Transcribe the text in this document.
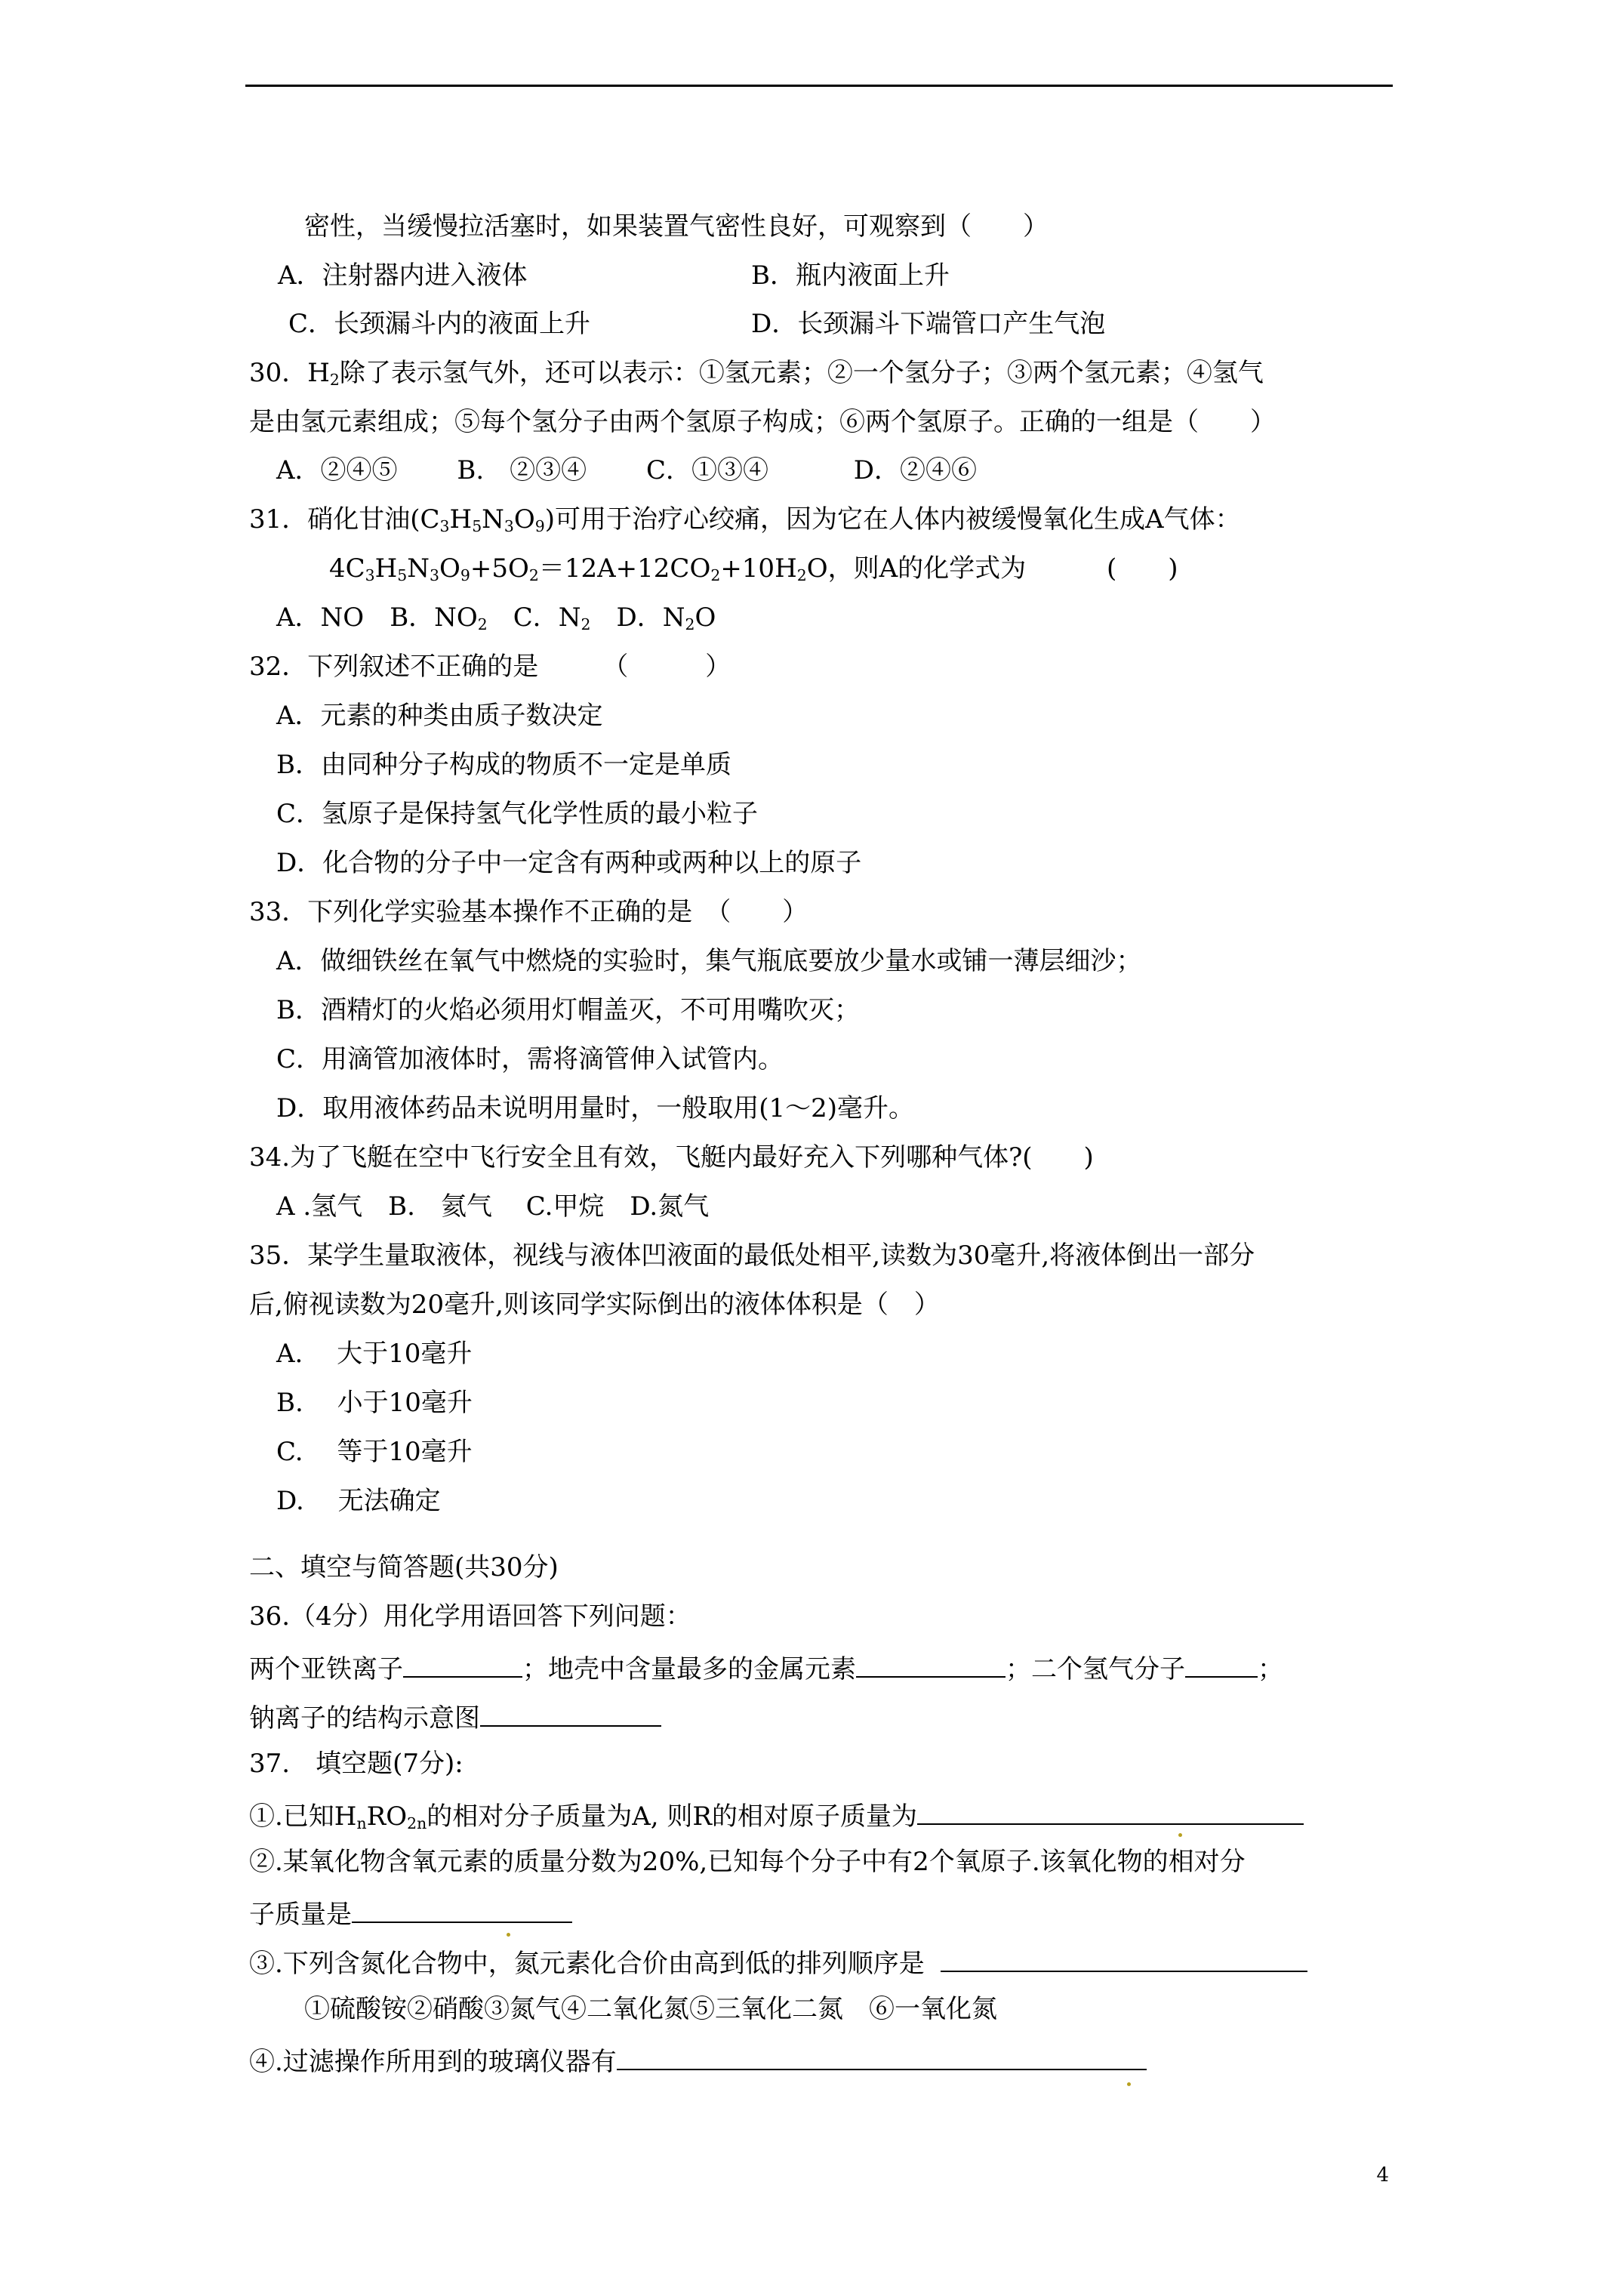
密性，当缓慢拉活塞时，如果装置气密性良好，可观察到（　　）
A．注射器内进入液体	B．瓶内液面上升
C．长颈漏斗内的液面上升	D．长颈漏斗下端管口产生气泡
30．$H_2$除了表示氢气外，还可以表示：①氢元素；②一个氢分子；③两个氢元素；④氢气
是由氢元素组成；⑤每个氢分子由两个氢原子构成；⑥两个氢原子。正确的一组是（　　）
A．②④⑤　　 B.　②③④　　 C．①③④　　　 D．②④⑥
31．硝化甘油$(C_3H_5N_3O_9)$可用于治疗心绞痛，因为它在人体内被缓慢氧化生成A气体：
$4C_3H_5N_3O_9+5O_2=12A+12CO_2+10H_2O$，则A的化学式为	(　　)
A．NO　 B．$NO_2$　 C．$N_2$　 D．$N_2O$
32．下列叙述不正确的是　　　（　　　）
A．元素的种类由质子数决定
B．由同种分子构成的物质不一定是单质
C．氢原子是保持氢气化学性质的最小粒子
D．化合物的分子中一定含有两种或两种以上的原子
33．下列化学实验基本操作不正确的是　（　　）
A．做细铁丝在氧气中燃烧的实验时，集气瓶底要放少量水或铺一薄层细沙；
B．酒精灯的火焰必须用灯帽盖灭，不可用嘴吹灭；
C．用滴管加液体时，需将滴管伸入试管内。
D．取用液体药品未说明用量时，一般取用(1～2)毫升。
34.为了飞艇在空中飞行安全且有效，飞艇内最好充入下列哪种气体?(　　)
A .氢气　B.　氦气　 C.甲烷　D.氮气
35．某学生量取液体，视线与液体凹液面的最低处相平,读数为30毫升,将液体倒出一部分
后,俯视读数为20毫升,则该同学实际倒出的液体体积是（　）
A.　 大于10毫升
B.　 小于10毫升
C.　 等于10毫升
D.　 无法确定
二、填空与简答题(共30分)
36.（4分）用化学用语回答下列问题：
两个亚铁离子	；地壳中含量最多的金属元素	；二个氢气分子	；
钠离子的结构示意图
37.　填空题(7分):
①.已知$H_nRO_{2n}$的相对分子质量为A, 则R的相对原子质量为
②.某氧化物含氧元素的质量分数为20%,已知每个分子中有2个氧原子.该氧化物的相对分
子质量是
③.下列含氮化合物中，氮元素化合价由高到低的排列顺序是
①硫酸铵②硝酸③氮气④二氧化氮⑤三氧化二氮　⑥一氧化氮
④.过滤操作所用到的玻璃仪器有
4
